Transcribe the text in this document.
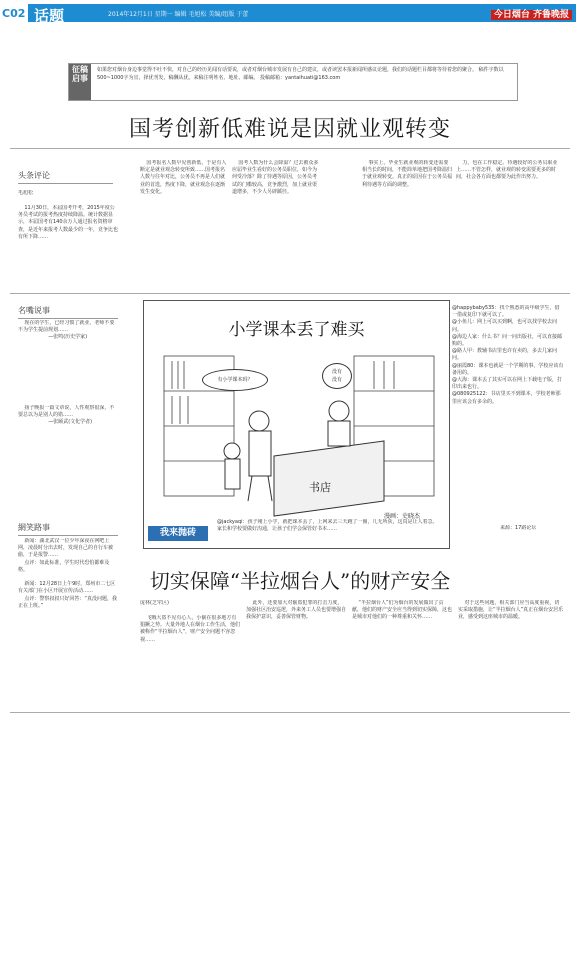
C02 话题	2014年12月1日 星期一 编辑 毛旭松 美编/组版 于蕾	今日烟台 齐鲁晚报
征稿启事
如果您对烟台身边事觉得不吐不快，对自己的经历见闻有话要说，或者对烟台城市发展有自己的建议，或者读罢本报新闻所感议论题，我们的话题栏目都将等待着您的聚合。 稿件字数以500~1000字为宜，择优刊发，稿酬从优。来稿注明姓名、地址、邮编。 投稿邮箱：yantaihuati@163.com
国考创新低难说是因就业观转变
头条评论
毛旭松
11月30日，本届国考开考，2015年度公务员考试的报考热度持续降温。统计数据显示，本届国考有140余万人通过报名资格审查，是近年来报考人数最少的一年，竞争比也有所下降……
国考报名人数早见创新低，于是有人断定是就业观念转变所致……国考报名人数与往年对比，公务员不再是人们就业的首选，热度下降，就业观念在逐渐发生变化。
国考人数为什么会降温？过去被众多应届毕业生看好的公务员职位，如今为何受冷落？除了待遇等原因，公务员考试的门槛较高，竞争激烈，加上就业渠道增多，不少人另辟蹊径。
事实上，毕业生就业观的转变还需要相当长的时间，不能简单地把国考降温归于就业观转变。真正的原因在于公务员福利待遇等方面的调整。
力，也在工作稳定、待遇较好的公务员职业上……不管怎样，就业观的转变需要更多的时间，社会各方面也都要为此作出努力。
名嘴说事
现在的学生，已经习惯了就业，老师不要不为学生提前规划……
—张鸣(历史学家)
扬子晚报一篇文章说，人性观察很深，不要总以为是别人的错……
—张颐武(文化学者)
網笑路事
新闻：湖北武汉一位少年深夜在网吧上网，凌晨时分出去时，发现自己的自行车被偷，于是报警……
点评：如此标准，学生时代恐怕都难及格。

新闻：12月28日上午9时，郑州市二七区有关部门在小区开展宣传活动……
点评：警察叔叔只好回答：“真没问题，我正在上班。”
小学课本丢了难买
有小学课本吗？
没有
没有
书店
漫画：史晓杰
我来抛砖
@jackyaqi：孩子刚上小学，就把课本丢了，上网来去三天跑了一圈，几无所获，这真是让人着急。家长和学校要做好沟通，让孩子们学会保管好书本……
@happybaby535：找个熟悉的高年级学生，借一借或复印下就可以了。
@小鱼儿：网上可以买到啊，也可以找学校去问问。
@海边人家：什么书？问一问出版社，可以直接邮购的。
@路人甲：教辅书店里也许有卖的，多去几家问问。
@丽霞80：课本也就是一个学期的事，学校应该有备用的。
@大海：课本丢了其实可以在网上下载电子版，打印出来也行。
@080925122：书店里买不到课本，学校老师那里应该会有多余的。
来源：17路论坛
切实保障“半拉烟台人”的财产安全
庞林(芝罘区)
飞贼大盗不见有心人，小偷在很多地方有猖獗之势。大量外地人在烟台工作生活，他们被称作“半拉烟台人”，财产安全问题不容忽视……
此外，还要加大对偷盗犯罪的打击力度，加强社区治安巡逻，外来务工人员也要增强自我保护意识，妥善保管财物。
“半拉烟台人”们为烟台的发展做出了贡献，他们的财产安全应当得到切实保障，这也是城市对他们的一种尊重和关怀……
对于这些问题，相关部门应当高度重视，切实采取措施，让“半拉烟台人”真正在烟台安居乐业，感受到这座城市的温暖。
